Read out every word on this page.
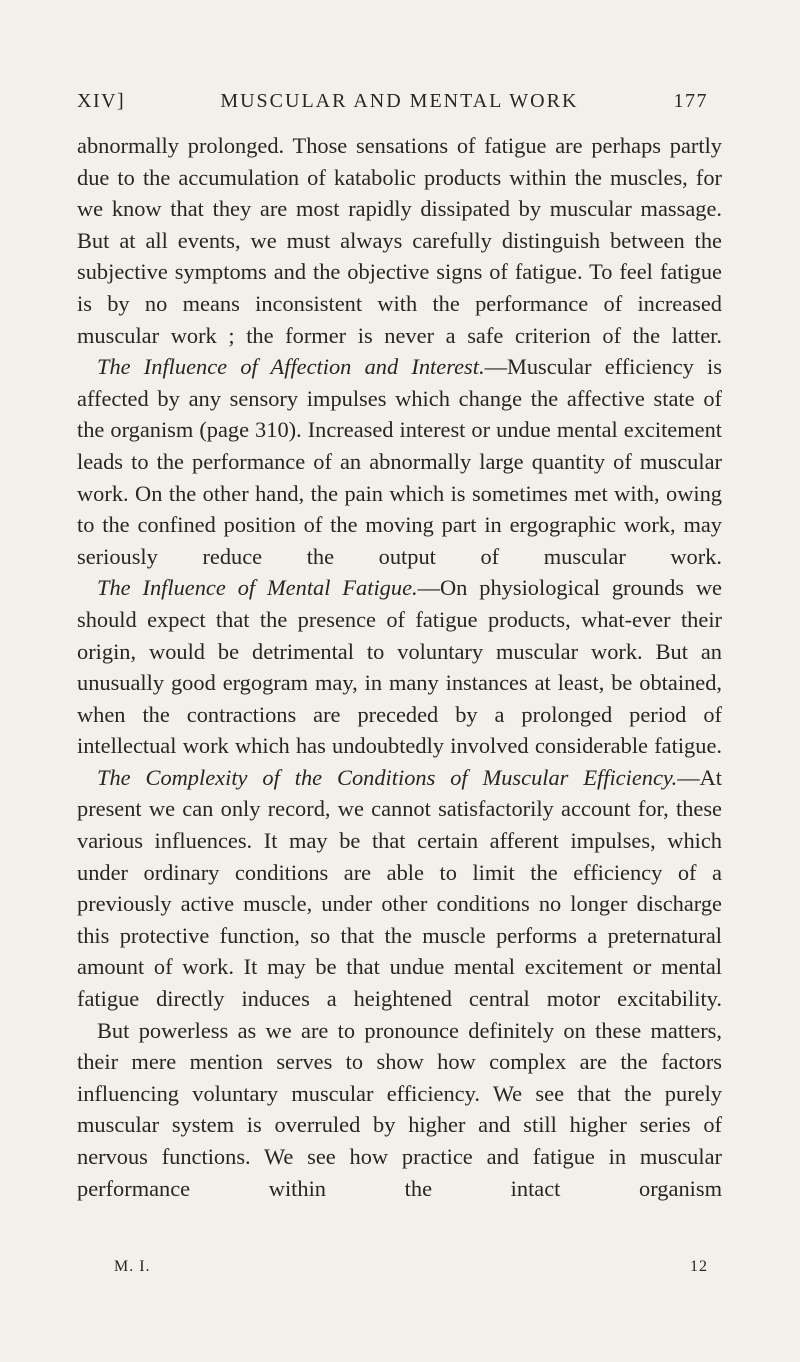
XIV]	MUSCULAR AND MENTAL WORK	177

abnormally prolonged. Those sensations of fatigue are perhaps partly due to the accumulation of katabolic products within the muscles, for we know that they are most rapidly dissipated by muscular massage. But at all events, we must always carefully distinguish between the subjective symptoms and the objective signs of fatigue. To feel fatigue is by no means inconsistent with the performance of increased muscular work ; the former is never a safe criterion of the latter.

The Influence of Affection and Interest.—Muscular efficiency is affected by any sensory impulses which change the affective state of the organism (page 310). Increased interest or undue mental excitement leads to the performance of an abnormally large quantity of muscular work. On the other hand, the pain which is sometimes met with, owing to the confined position of the moving part in ergographic work, may seriously reduce the output of muscular work.

The Influence of Mental Fatigue.—On physiological grounds we should expect that the presence of fatigue products, what-ever their origin, would be detrimental to voluntary muscular work. But an unusually good ergogram may, in many instances at least, be obtained, when the contractions are preceded by a prolonged period of intellectual work which has undoubtedly involved considerable fatigue.

The Complexity of the Conditions of Muscular Efficiency.—At present we can only record, we cannot satisfactorily account for, these various influences. It may be that certain afferent impulses, which under ordinary conditions are able to limit the efficiency of a previously active muscle, under other conditions no longer discharge this protective function, so that the muscle performs a preternatural amount of work. It may be that undue mental excitement or mental fatigue directly induces a heightened central motor excitability.

But powerless as we are to pronounce definitely on these matters, their mere mention serves to show how complex are the factors influencing voluntary muscular efficiency. We see that the purely muscular system is overruled by higher and still higher series of nervous functions. We see how practice and fatigue in muscular performance within the intact organism

M. I.	12
